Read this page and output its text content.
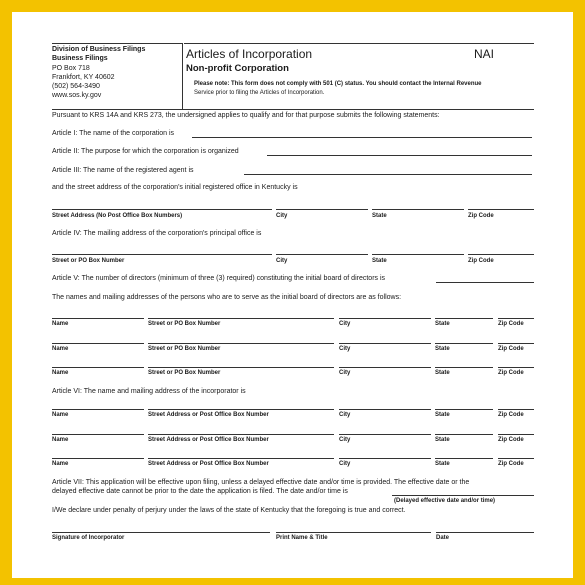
Division of Business Filings
Business Filings
PO Box 718
Frankfort, KY 40602
(502) 564-3490
www.sos.ky.gov
Articles of Incorporation	NAI
Non-profit Corporation
Please note: This form does not comply with 501 (C) status. You should contact the Internal Revenue
Service prior to filing the Articles of Incorporation.
Pursuant to KRS 14A and KRS 273, the undersigned applies to qualify and for that purpose submits the following statements:
Article I: The name of the corporation is
Article II: The purpose for which the corporation is organized
Article III: The name of the registered agent is
and the street address of the corporation's initial registered office in Kentucky is
Street Address (No Post Office Box Numbers)	City	State	Zip Code
Article IV: The mailing address of the corporation's principal office is
Street or PO Box Number	City	State	Zip Code
Article V: The number of directors (minimum of three (3) required) constituting the initial board of directors is
The names and mailing addresses of the persons who are to serve as the initial board of directors are as follows:
Name	Street or PO Box Number	City	State	Zip Code
Name	Street or PO Box Number	City	State	Zip Code
Name	Street or PO Box Number	City	State	Zip Code
Article VI: The name and mailing address of the incorporator is
Name	Street Address or Post Office Box Number	City	State	Zip Code
Name	Street Address or Post Office Box Number	City	State	Zip Code
Name	Street Address or Post Office Box Number	City	State	Zip Code
Article VII: This application will be effective upon filing, unless a delayed effective date and/or time is provided. The effective date or the
delayed effective date cannot be prior to the date the application is filed. The date and/or time is
(Delayed effective date and/or time)
I/We declare under penalty of perjury under the laws of the state of Kentucky that the foregoing is true and correct.
Signature of Incorporator	Print Name & Title	Date
